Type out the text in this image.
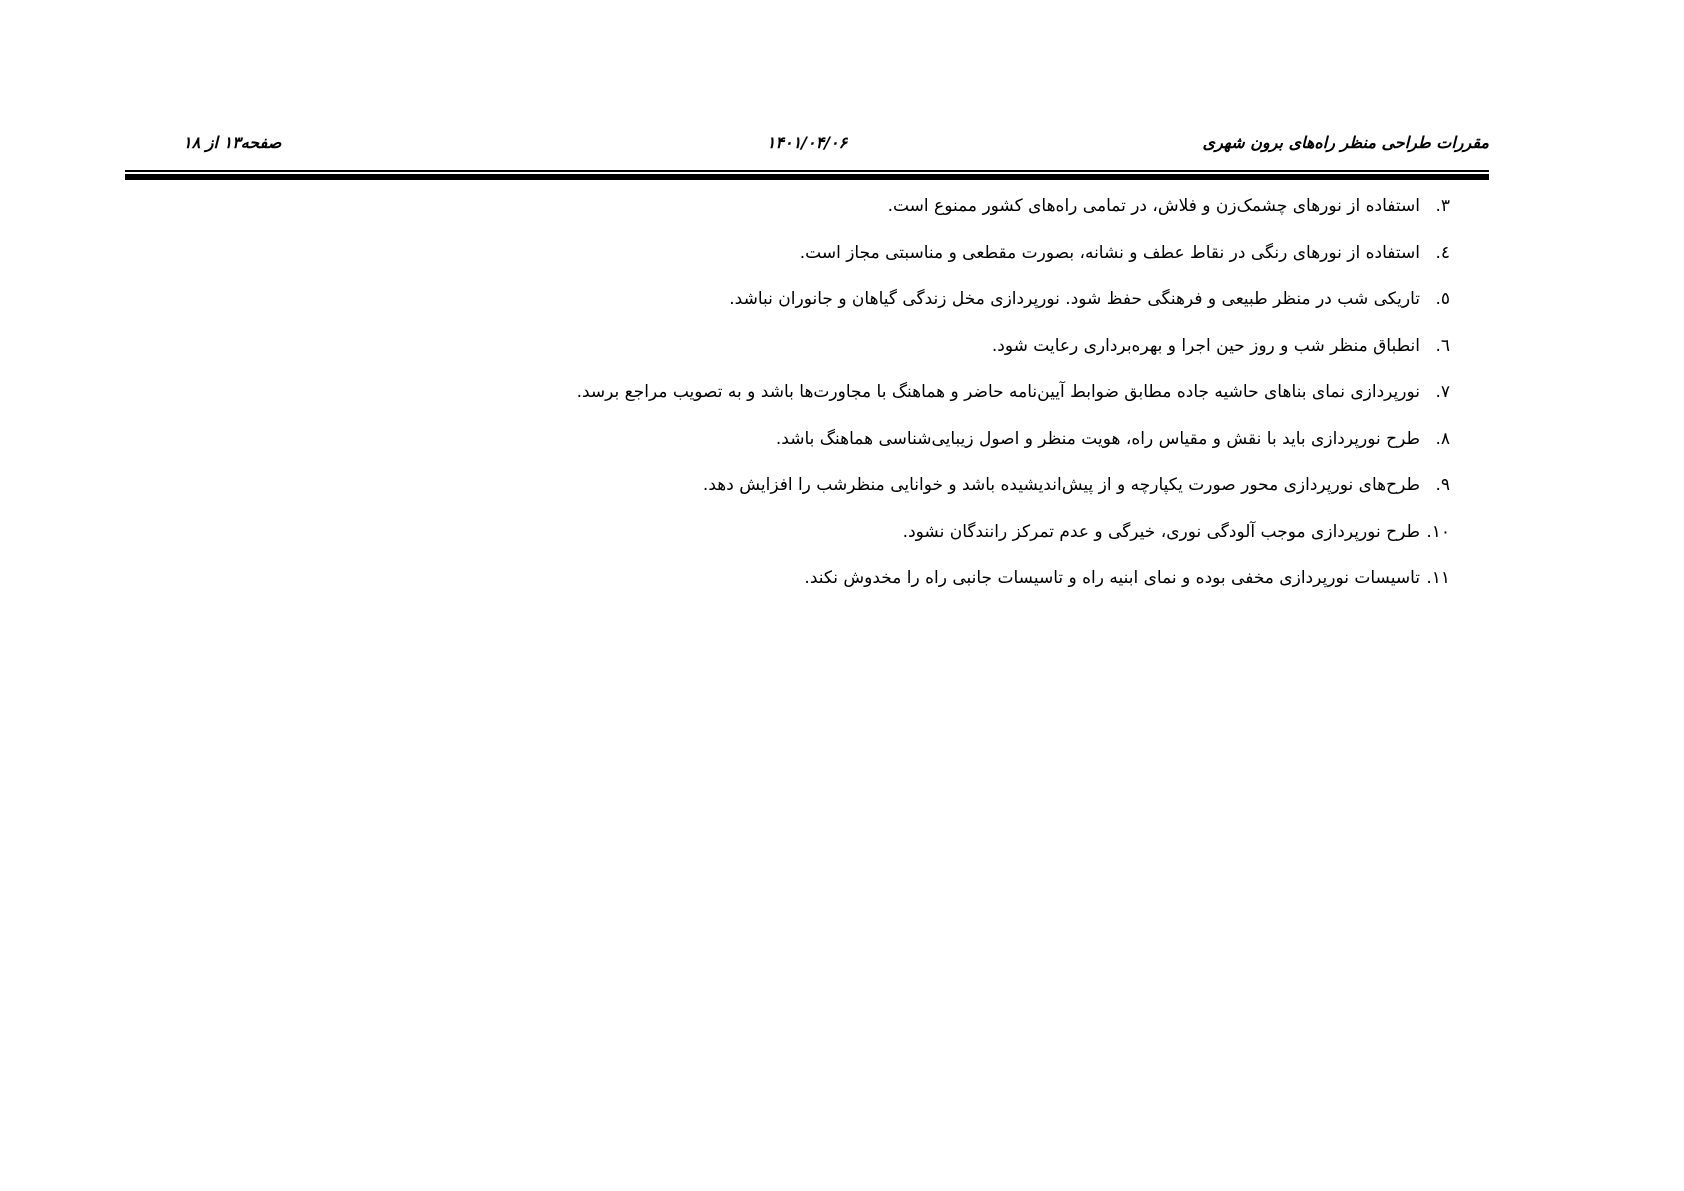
مقررات طراحی منظر راه‌های برون شهری
۱۴۰۱/۰۴/۰۶
صفحه۱۳ از ۱۸
۳.
استفاده از نورهای چشمک‌زن و فلاش، در تمامی راه‌های کشور ممنوع است.
٤.
استفاده از نورهای رنگی در نقاط عطف و نشانه، بصورت مقطعی و مناسبتی مجاز است.
٥.
تاریکی شب در منظر طبیعی و فرهنگی حفظ شود. نورپردازی مخل زندگی گیاهان و جانوران نباشد.
٦.
انطباق منظر شب و روز حین اجرا و بهره‌برداری رعایت شود.
۷.
نورپردازی نمای بناهای حاشیه جاده مطابق ضوابط آیین‌نامه حاضر و هماهنگ با مجاورت‌ها باشد و به تصویب مراجع برسد.
۸.
طرح نورپردازی باید با نقش و مقیاس راه، هویت منظر و اصول زیبایی‌شناسی هماهنگ باشد.
۹.
طرح‌های نورپردازی محور صورت یکپارچه و از پیش‌اندیشیده باشد و خوانایی منظرشب را افزایش دهد.
۱۰.
طرح نورپردازی موجب آلودگی نوری، خیرگی و عدم تمرکز رانندگان نشود.
۱۱.
تاسیسات نورپردازی مخفی بوده و نمای ابنیه راه و تاسیسات جانبی راه را مخدوش نکند.
